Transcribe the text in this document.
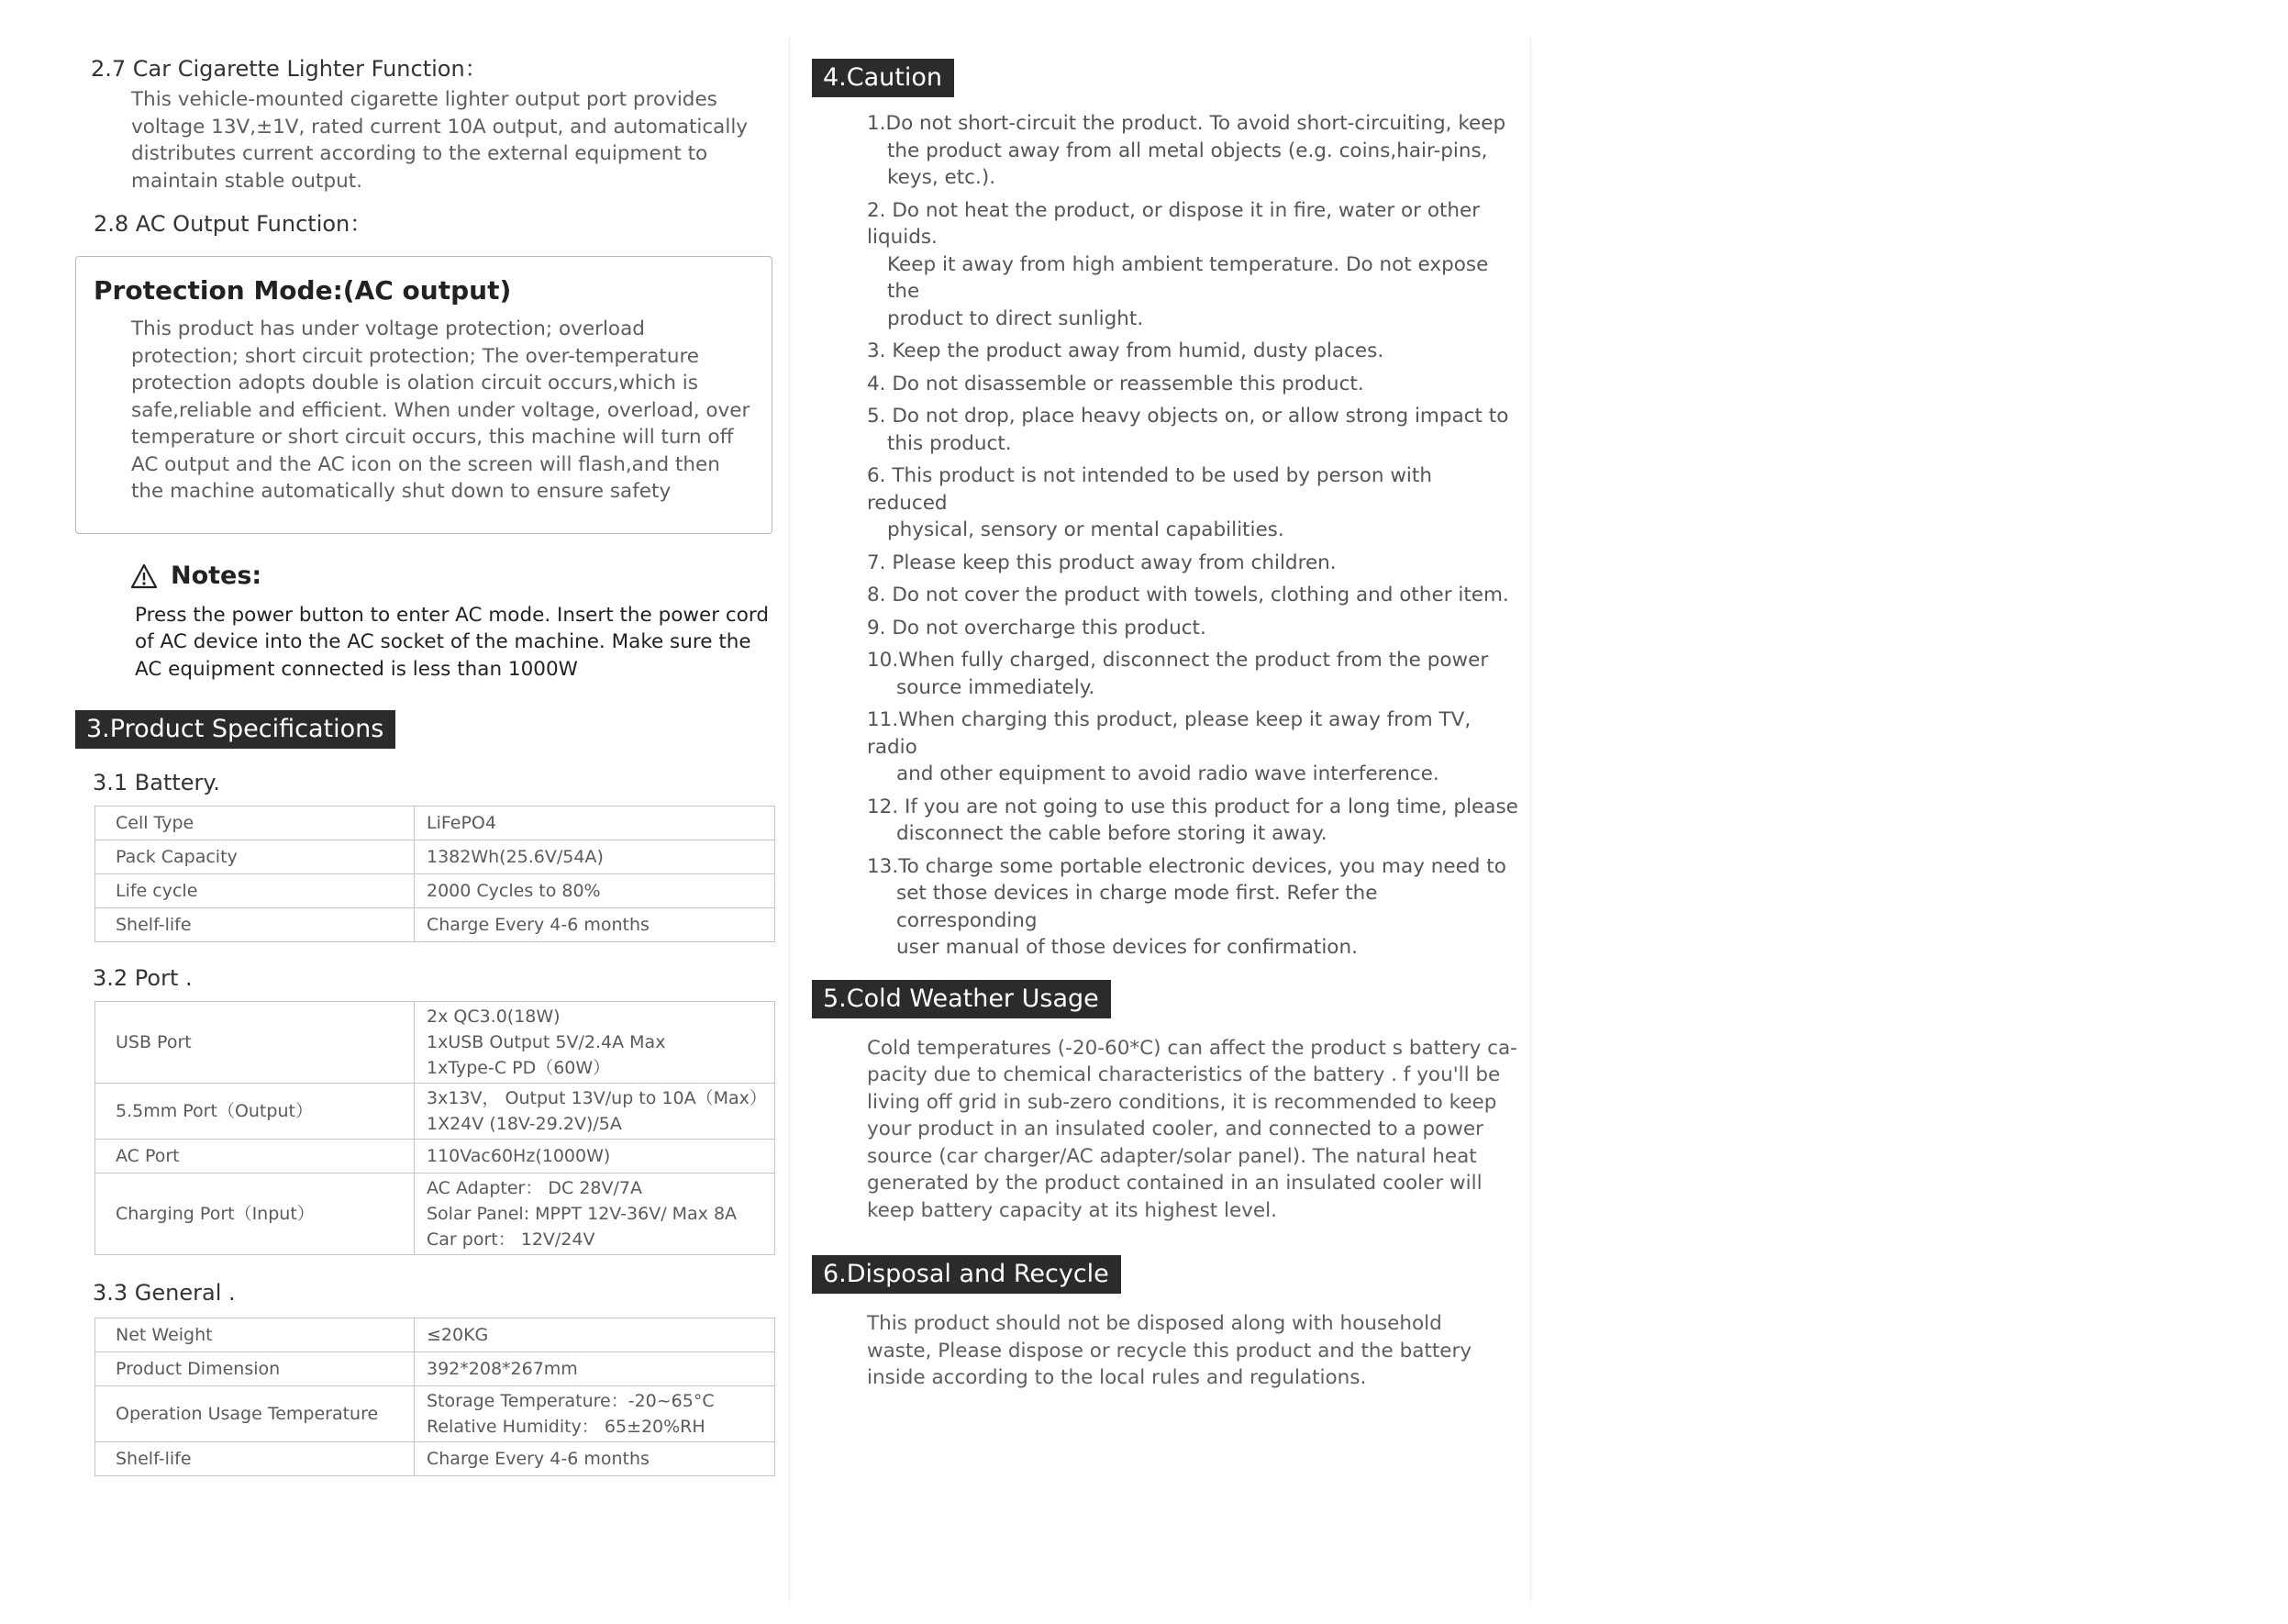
2.7 Car Cigarette Lighter Function：

This vehicle-mounted cigarette lighter output port provides voltage 13V,±1V, rated current 10A output, and automatically distributes current according to the external equipment to maintain stable output.

2.8 AC Output Function：
Protection Mode:(AC output)

This product has under voltage protection; overload protection; short circuit protection; The over-temperature protection adopts double is olation circuit occurs,which is safe,reliable and efficient. When under voltage, overload, over temperature or short circuit occurs, this machine will turn off AC output and the AC icon on the screen will flash,and then the machine automatically shut down to ensure safety

Notes:

Press the power button to enter AC mode. Insert the power cord of AC device into the AC socket of the machine. Make sure the AC equipment connected is less than 1000W

3.Product Specifications
3.1 Battery.
Cell Type	LiFePO4

Pack Capacity	1382Wh(25.6V/54A)

Life cycle	2000 Cycles to 80%

Shelf-life	Charge Every 4-6 months
3.2 Port .
USB Port	2x QC3.0(18W)
1xUSB Output 5V/2.4A Max
1xType-C PD（60W）

5.5mm Port（Output）	3x13V， Output 13V/up to 10A（Max）
1X24V (18V-29.2V)/5A

AC Port	110Vac60Hz(1000W)

Charging Port（Input）	AC Adapter： DC 28V/7A
Solar Panel: MPPT 12V-36V/ Max 8A
Car port： 12V/24V
3.3 General .
Net Weight	≤20KG

Product Dimension	392*208*267mm

Operation Usage Temperature	Storage Temperature：-20~65°C
Relative Humidity： 65±20%RH

Shelf-life	Charge Every 4-6 months
4.Caution
1.Do not short-circuit the product. To avoid short-circuiting, keep
the product away from all metal objects (e.g. coins,hair-pins,
keys, etc.).
2. Do not heat the product, or dispose it in fire, water or other liquids.
Keep it away from high ambient temperature. Do not expose the
product to direct sunlight.
3. Keep the product away from humid, dusty places.
4. Do not disassemble or reassemble this product.
5. Do not drop, place heavy objects on, or allow strong impact to
this product.
6. This product is not intended to be used by person with reduced
physical, sensory or mental capabilities.
7. Please keep this product away from children.
8. Do not cover the product with towels, clothing and other item.
9. Do not overcharge this product.
10.When fully charged, disconnect the product from the power
source immediately.
11.When charging this product, please keep it away from TV, radio
and other equipment to avoid radio wave interference.
12. If you are not going to use this product for a long time, please
disconnect the cable before storing it away.
13.To charge some portable electronic devices, you may need to
set those devices in charge mode first. Refer the corresponding
user manual of those devices for confirmation.
5.Cold Weather Usage

Cold temperatures (-20-60*C) can affect the product s battery ca-pacity due to chemical characteristics of the battery . f you'll be living off grid in sub-zero conditions, it is recommended to keep your product in an insulated cooler, and connected to a power source (car charger/AC adapter/solar panel). The natural heat generated by the product contained in an insulated cooler will keep battery capacity at its highest level.

6.Disposal and Recycle

This product should not be disposed along with household waste, Please dispose or recycle this product and the battery inside according to the local rules and regulations.
